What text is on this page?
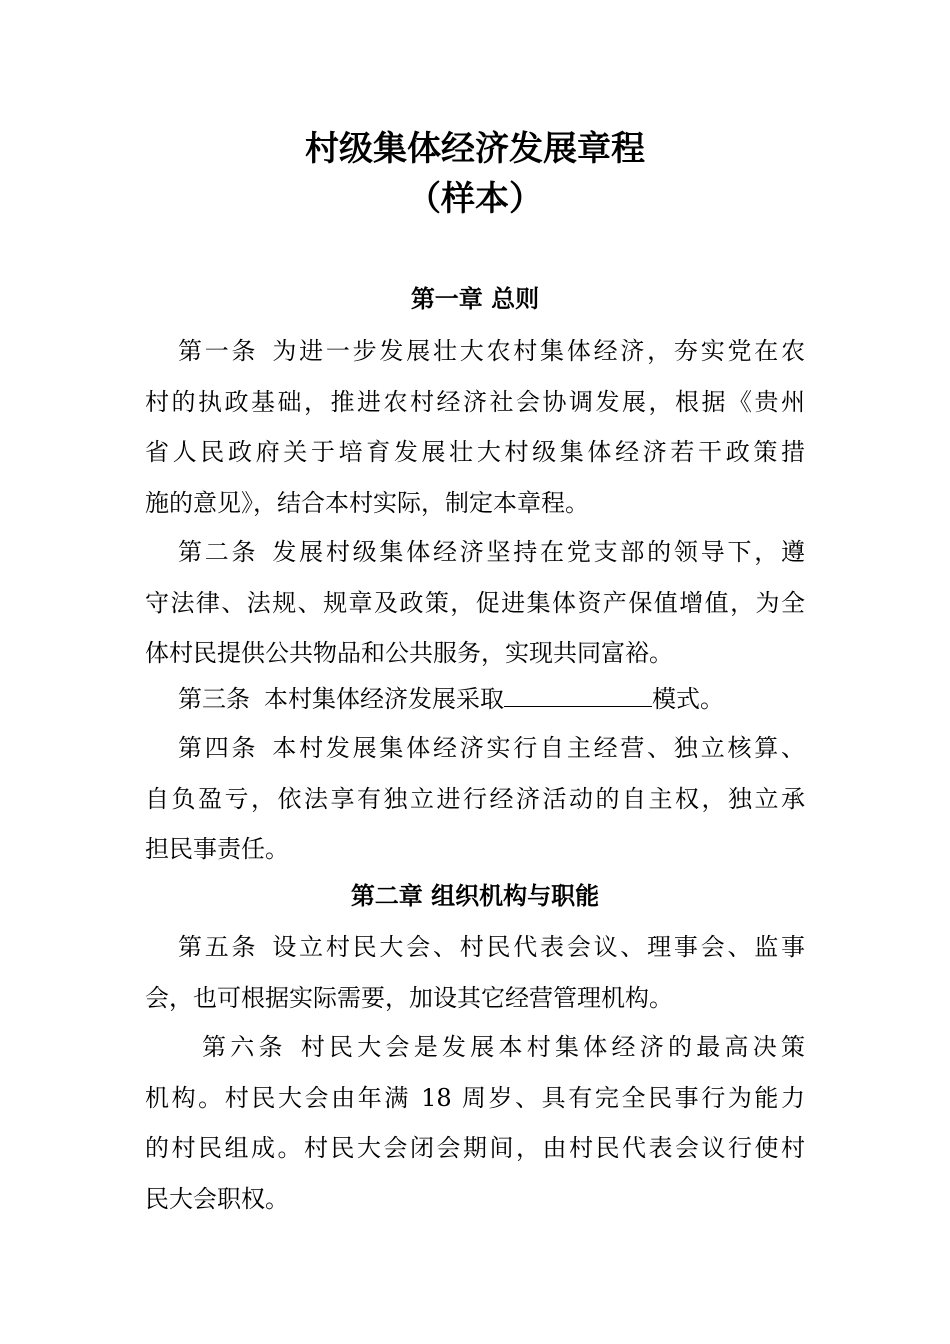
村级集体经济发展章程
（样本）
第一章 总则
第一条 为进一步发展壮大农村集体经济，夯实党在农
村的执政基础，推进农村经济社会协调发展，根据《贵州
省人民政府关于培育发展壮大村级集体经济若干政策措
施的意见》，结合本村实际，制定本章程。
第二条 发展村级集体经济坚持在党支部的领导下，遵
守法律、法规、规章及政策，促进集体资产保值增值，为全
体村民提供公共物品和公共服务，实现共同富裕。
第三条 本村集体经济发展采取	模式。
第四条 本村发展集体经济实行自主经营、独立核算、
自负盈亏，依法享有独立进行经济活动的自主权，独立承
担民事责任。
第二章 组织机构与职能
第五条 设立村民大会、村民代表会议、理事会、监事
会，也可根据实际需要，加设其它经营管理机构。
第六条 村民大会是发展本村集体经济的最高决策
机构。村民大会由年满 18 周岁、具有完全民事行为能力
的村民组成。村民大会闭会期间，由村民代表会议行使村
民大会职权。
